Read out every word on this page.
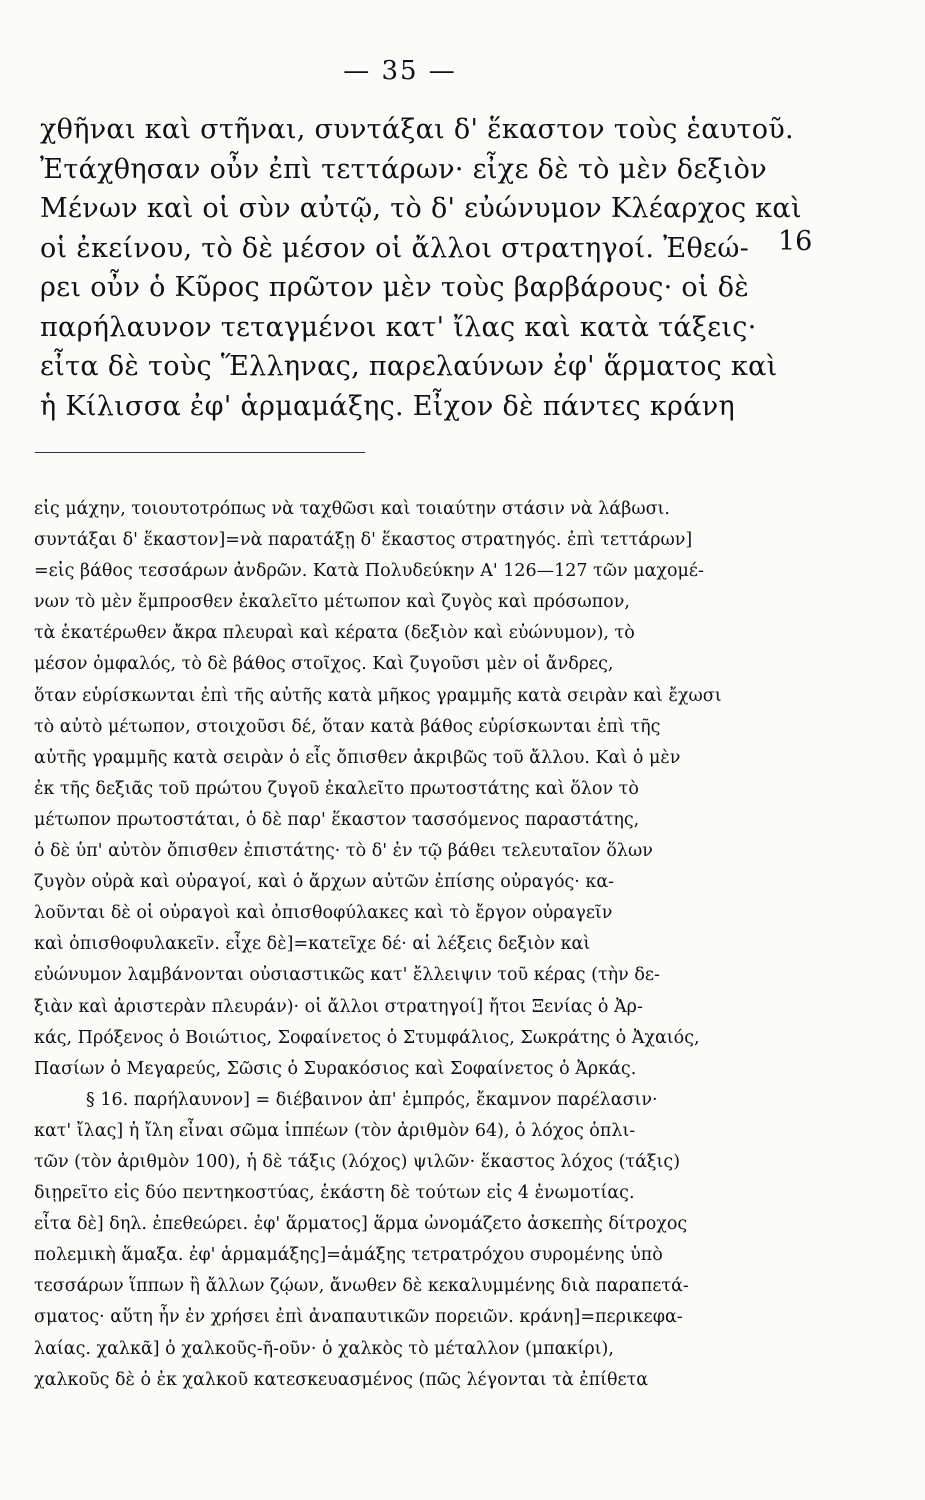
— 35 —
χθῆναι καὶ στῆναι, συντάξαι δ' ἕκαστον τοὺς ἑαυτοῦ.
Ἐτάχθησαν οὖν ἐπὶ τεττάρων· εἶχε δὲ τὸ μὲν δεξιὸν
Μένων καὶ οἱ σὺν αὐτῷ, τὸ δ' εὐώνυμον Κλέαρχος καὶ
οἱ ἐκείνου, τὸ δὲ μέσον οἱ ἄλλοι στρατηγοί. Ἐθεώ-
ρει οὖν ὁ Κῦρος πρῶτον μὲν τοὺς βαρβάρους· οἱ δὲ
παρήλαυνον τεταγμένοι κατ' ἴλας καὶ κατὰ τάξεις·
εἶτα δὲ τοὺς Ἕλληνας, παρελαύνων ἐφ' ἅρματος καὶ
ἡ Κίλισσα ἐφ' ἁρμαμάξης. Εἶχον δὲ πάντες κράνη
16
εἰς μάχην, τοιουτοτρόπως νὰ ταχθῶσι καὶ τοιαύτην στάσιν νὰ λάβωσι.
συντάξαι δ' ἕκαστον]=νὰ παρατάξῃ δ' ἕκαστος στρατηγός. ἐπὶ τεττάρων]
=εἰς βάθος τεσσάρων ἀνδρῶν. Κατὰ Πολυδεύκην Α' 126—127 τῶν μαχομέ-
νων τὸ μὲν ἔμπροσθεν ἐκαλεῖτο μέτωπον καὶ ζυγὸς καὶ πρόσωπον,
τὰ ἑκατέρωθεν ἄκρα πλευραὶ καὶ κέρατα (δεξιὸν καὶ εὐώνυμον), τὸ
μέσον ὀμφαλός, τὸ δὲ βάθος στοῖχος. Καὶ ζυγοῦσι μὲν οἱ ἄνδρες,
ὅταν εὑρίσκωνται ἐπὶ τῆς αὐτῆς κατὰ μῆκος γραμμῆς κατὰ σειρὰν καὶ ἔχωσι
τὸ αὐτὸ μέτωπον, στοιχοῦσι δέ, ὅταν κατὰ βάθος εὑρίσκωνται ἐπὶ τῆς
αὐτῆς γραμμῆς κατὰ σειρὰν ὁ εἷς ὄπισθεν ἀκριβῶς τοῦ ἄλλου. Καὶ ὁ μὲν
ἐκ τῆς δεξιᾶς τοῦ πρώτου ζυγοῦ ἐκαλεῖτο πρωτοστάτης καὶ ὅλον τὸ
μέτωπον πρωτοστάται, ὁ δὲ παρ' ἕκαστον τασσόμενος παραστάτης,
ὁ δὲ ὑπ' αὐτὸν ὄπισθεν ἐπιστάτης· τὸ δ' ἐν τῷ βάθει τελευταῖον ὅλων
ζυγὸν οὐρὰ καὶ οὐραγοί, καὶ ὁ ἄρχων αὐτῶν ἐπίσης οὐραγός· κα-
λοῦνται δὲ οἱ οὐραγοὶ καὶ ὀπισθοφύλακες καὶ τὸ ἔργον οὐραγεῖν
καὶ ὀπισθοφυλακεῖν. εἶχε δὲ]=κατεῖχε δέ· αἱ λέξεις δεξιὸν καὶ
εὐώνυμον λαμβάνονται οὐσιαστικῶς κατ' ἔλλειψιν τοῦ κέρας (τὴν δε-
ξιὰν καὶ ἀριστερὰν πλευράν)· οἱ ἄλλοι στρατηγοί] ἤτοι Ξενίας ὁ Ἀρ-
κάς, Πρόξενος ὁ Βοιώτιος, Σοφαίνετος ὁ Στυμφάλιος, Σωκράτης ὁ Ἀχαιός,
Πασίων ὁ Μεγαρεύς, Σῶσις ὁ Συρακόσιος καὶ Σοφαίνετος ὁ Ἀρκάς.
§ 16. παρήλαυνον] = διέβαινον ἀπ' ἐμπρός, ἔκαμνον παρέλασιν·
κατ' ἴλας] ἡ ἴλη εἶναι σῶμα ἱππέων (τὸν ἀριθμὸν 64), ὁ λόχος ὁπλι-
τῶν (τὸν ἀριθμὸν 100), ἡ δὲ τάξις (λόχος) ψιλῶν· ἕκαστος λόχος (τάξις)
διῃρεῖτο εἰς δύο πεντηκοστύας, ἑκάστη δὲ τούτων εἰς 4 ἐνωμοτίας.
εἶτα δὲ] δηλ. ἐπεθεώρει. ἐφ' ἅρματος] ἅρμα ὠνομάζετο ἀσκεπὴς δίτροχος
πολεμικὴ ἅμαξα. ἐφ' ἁρμαμάξης]=ἁμάξης τετρατρόχου συρομένης ὑπὸ
τεσσάρων ἵππων ἢ ἄλλων ζῴων, ἄνωθεν δὲ κεκαλυμμένης διὰ παραπετά-
σματος· αὕτη ἦν ἐν χρήσει ἐπὶ ἀναπαυτικῶν πορειῶν. κράνη]=περικεφα-
λαίας. χαλκᾶ] ὁ χαλκοῦς-ῆ-οῦν· ὁ χαλκὸς τὸ μέταλλον (μπακίρι),
χαλκοῦς δὲ ὁ ἐκ χαλκοῦ κατεσκευασμένος (πῶς λέγονται τὰ ἐπίθετα
